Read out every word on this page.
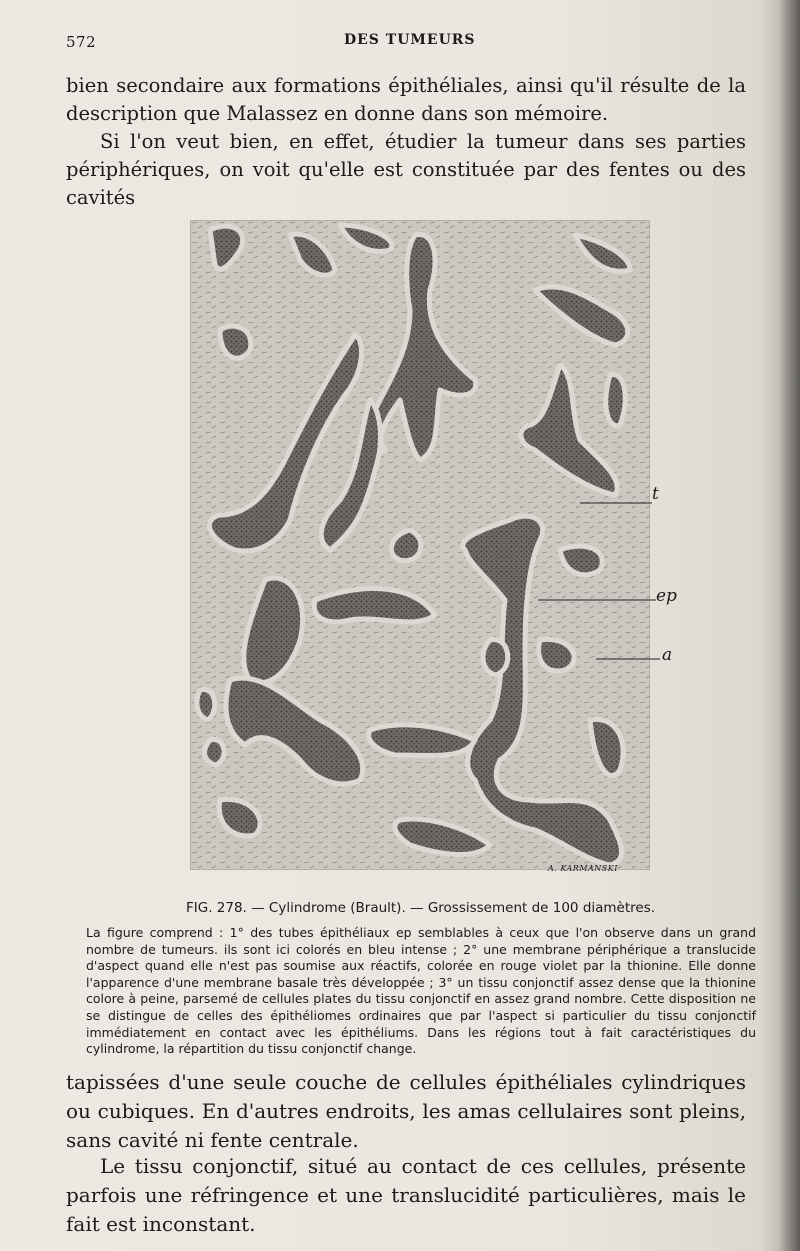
572	DES TUMEURS

bien secondaire aux formations épithéliales, ainsi qu'il résulte de la description que Malassez en donne dans son mémoire.

Si l'on veut bien, en effet, étudier la tumeur dans ses parties périphériques, on voit qu'elle est constituée par des fentes ou des cavités

t
ep
a
A. KARMANSKI
FIG. 278. — Cylindrome (Brault). — Grossissement de 100 diamètres.

La figure comprend : 1° des tubes épithéliaux ep semblables à ceux que l'on observe dans un grand nombre de tumeurs. ils sont ici colorés en bleu intense ; 2° une membrane périphérique a translucide d'aspect quand elle n'est pas soumise aux réactifs, colorée en rouge violet par la thionine. Elle donne l'apparence d'une membrane basale très développée ; 3° un tissu conjonctif assez dense que la thionine colore à peine, parsemé de cellules plates du tissu conjonctif en assez grand nombre. Cette disposition ne se distingue de celles des épithéliomes ordinaires que par l'aspect si particulier du tissu conjonctif immédiatement en contact avec les épithéliums. Dans les régions tout à fait caractéristiques du cylindrome, la répartition du tissu conjonctif change.

tapissées d'une seule couche de cellules épithéliales cylindriques ou cubiques. En d'autres endroits, les amas cellulaires sont pleins, sans cavité ni fente centrale.

Le tissu conjonctif, situé au contact de ces cellules, présente parfois une réfringence et une translucidité particulières, mais le fait est inconstant.
